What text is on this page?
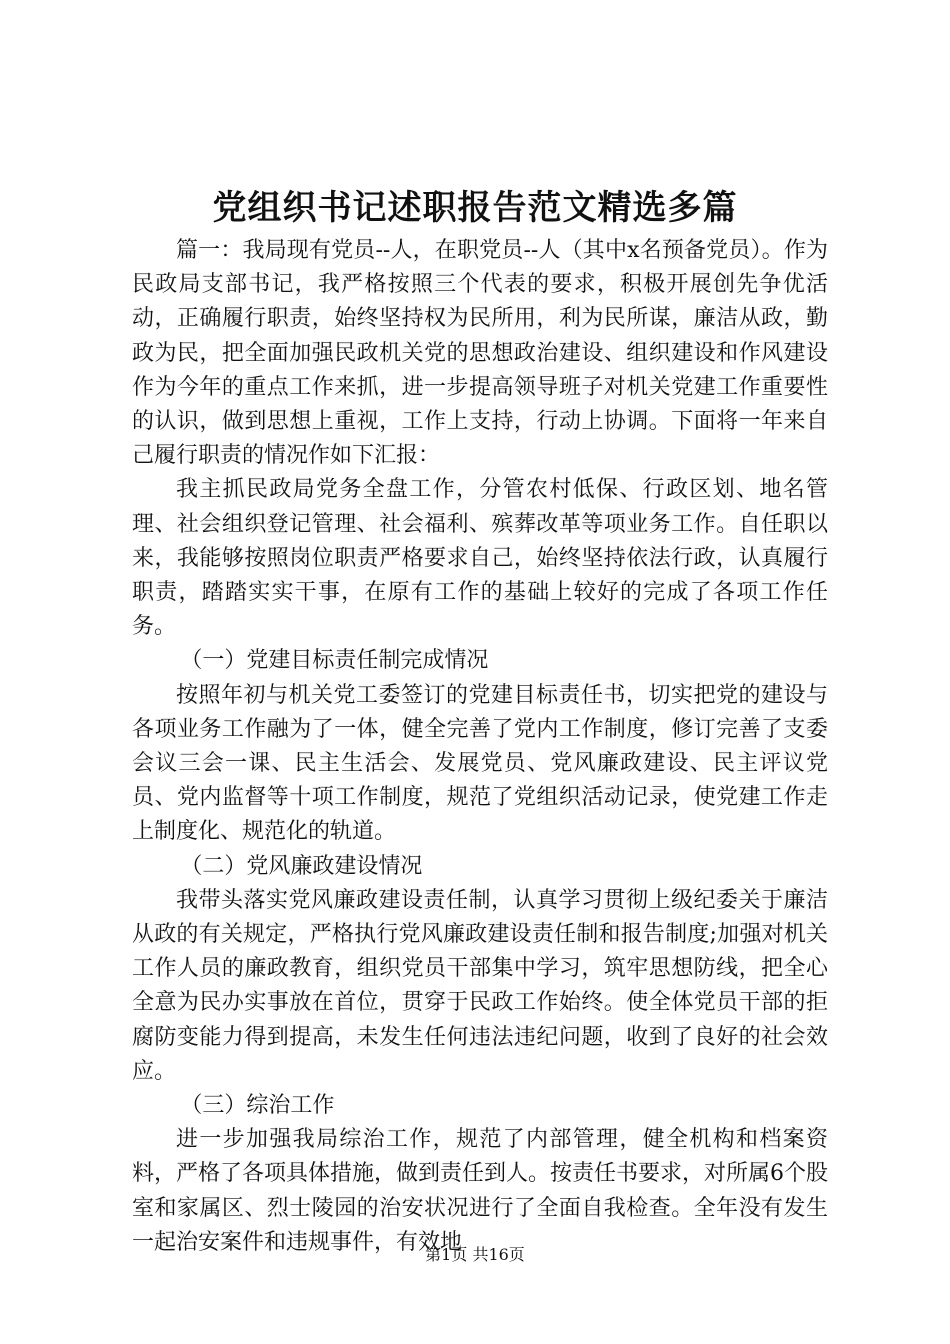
党组织书记述职报告范文精选多篇

篇一：我局现有党员--人，在职党员--人（其中x名预备党员）。作为民政局支部书记，我严格按照三个代表的要求，积极开展创先争优活动，正确履行职责，始终坚持权为民所用，利为民所谋，廉洁从政，勤政为民，把全面加强民政机关党的思想政治建设、组织建设和作风建设作为今年的重点工作来抓，进一步提高领导班子对机关党建工作重要性的认识，做到思想上重视，工作上支持，行动上协调。下面将一年来自己履行职责的情况作如下汇报：

我主抓民政局党务全盘工作，分管农村低保、行政区划、地名管理、社会组织登记管理、社会福利、殡葬改革等项业务工作。自任职以来，我能够按照岗位职责严格要求自己，始终坚持依法行政，认真履行职责，踏踏实实干事，在原有工作的基础上较好的完成了各项工作任务。

（一）党建目标责任制完成情况

按照年初与机关党工委签订的党建目标责任书，切实把党的建设与各项业务工作融为了一体，健全完善了党内工作制度，修订完善了支委会议三会一课、民主生活会、发展党员、党风廉政建设、民主评议党员、党内监督等十项工作制度，规范了党组织活动记录，使党建工作走上制度化、规范化的轨道。

（二）党风廉政建设情况

我带头落实党风廉政建设责任制，认真学习贯彻上级纪委关于廉洁从政的有关规定，严格执行党风廉政建设责任制和报告制度;加强对机关工作人员的廉政教育，组织党员干部集中学习，筑牢思想防线，把全心全意为民办实事放在首位，贯穿于民政工作始终。使全体党员干部的拒腐防变能力得到提高，未发生任何违法违纪问题，收到了良好的社会效应。

（三）综治工作

进一步加强我局综治工作，规范了内部管理，健全机构和档案资料，严格了各项具体措施，做到责任到人。按责任书要求，对所属6个股室和家属区、烈士陵园的治安状况进行了全面自我检查。全年没有发生一起治安案件和违规事件，有效地

第1页 共16页
